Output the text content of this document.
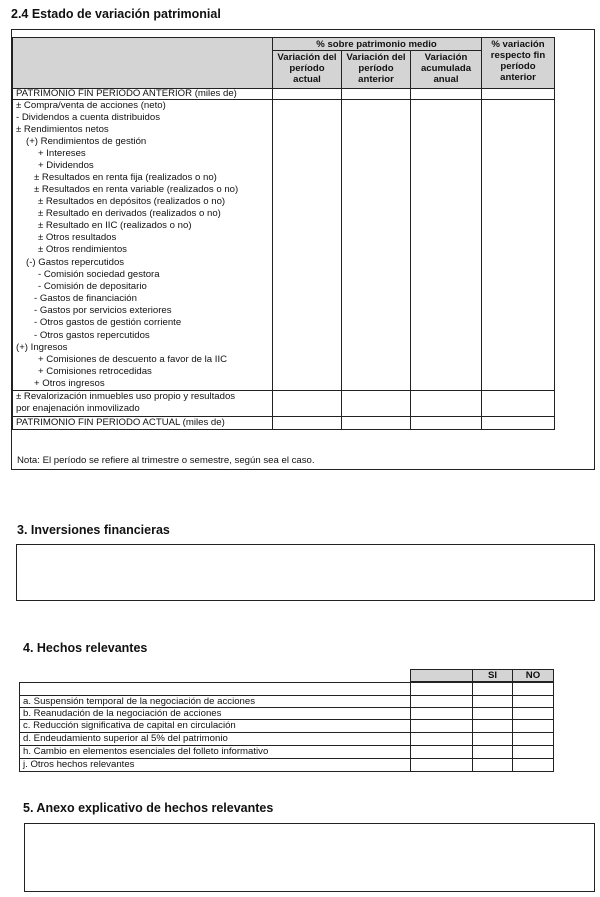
2.4 Estado de variación patrimonial
% sobre patrimonio medio
Variación del período actual
Variación del período anterior
Variación acumulada anual
% variación respecto fin período anterior
PATRIMONIO FIN PERIODO ANTERIOR (miles de)
± Compra/venta de acciones (neto)
- Dividendos a cuenta distribuidos
± Rendimientos netos
(+) Rendimientos de gestión
+ Intereses
+ Dividendos
± Resultados en renta fija (realizados o no)
± Resultados en renta variable (realizados o no)
± Resultados en depósitos (realizados o no)
± Resultado en derivados (realizados o no)
± Resultado en IIC (realizados o no)
± Otros resultados
± Otros rendimientos
(-) Gastos repercutidos
- Comisión sociedad gestora
- Comisión de depositario
- Gastos de financiación
- Gastos por servicios exteriores
- Otros gastos de gestión corriente
- Otros gastos repercutidos
(+) Ingresos
+ Comisiones de descuento a favor de la IIC
+ Comisiones retrocedidas
+ Otros ingresos
± Revalorización inmuebles uso propio y resultados
por enajenación inmovilizado
PATRIMONIO FIN PERIODO ACTUAL (miles de)
Nota: El período se refiere al trimestre o semestre, según sea el caso.
3. Inversiones financieras
4. Hechos relevantes
SI	NO
a. Suspensión temporal de la negociación de acciones
b. Reanudación de la negociación de acciones
c. Reducción significativa de capital en circulación
d. Endeudamiento superior al 5% del patrimonio
h. Cambio en elementos esenciales del folleto informativo
j. Otros hechos relevantes
5. Anexo explicativo de hechos relevantes
